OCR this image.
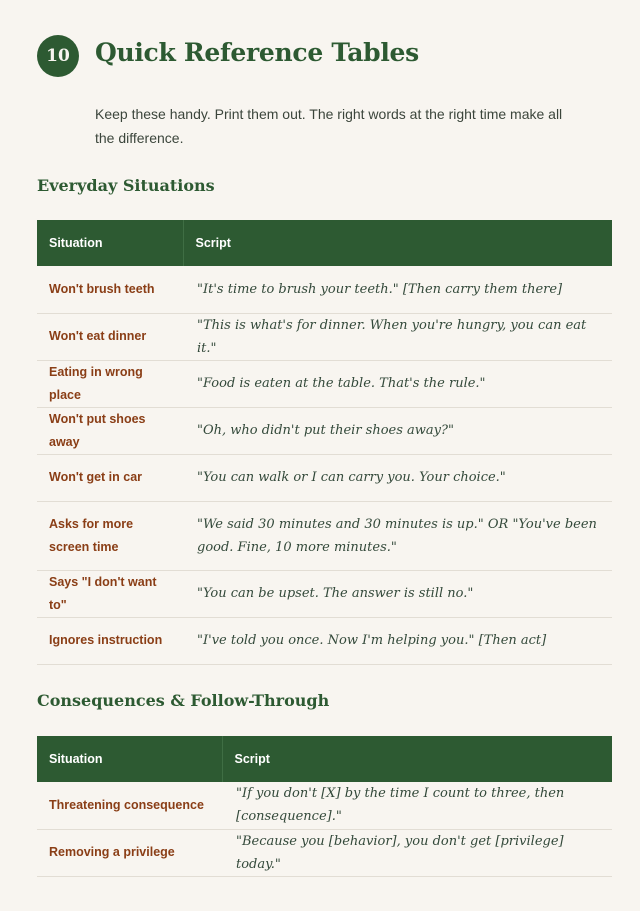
10 Quick Reference Tables

Keep these handy. Print them out. The right words at the right time make all the difference.

Everyday Situations
Situation	Script
Won't brush teeth	"It's time to brush your teeth." [Then carry them there]
Won't eat dinner	"This is what's for dinner. When you're hungry, you can eat it."
Eating in wrong place	"Food is eaten at the table. That's the rule."
Won't put shoes away	"Oh, who didn't put their shoes away?"
Won't get in car	"You can walk or I can carry you. Your choice."
Asks for more screen time	"We said 30 minutes and 30 minutes is up." OR "You've been good. Fine, 10 more minutes."
Says "I don't want to"	"You can be upset. The answer is still no."
Ignores instruction	"I've told you once. Now I'm helping you." [Then act]
Consequences & Follow-Through
Situation	Script
Threatening consequence	"If you don't [X] by the time I count to three, then [consequence]."
Removing a privilege	"Because you [behavior], you don't get [privilege] today."
